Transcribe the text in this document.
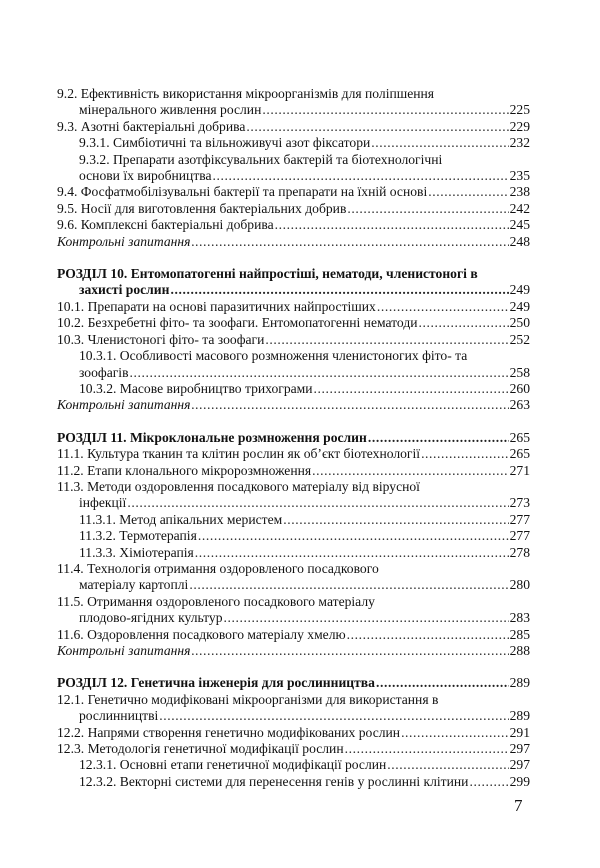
9.2. Ефективність використання мікроорганізмів для поліпшення
мінерального живлення рослин .....	225
9.3. Азотні бактеріальні добрива .....	229
9.3.1. Симбіотичні та вільноживучі азот фіксатори .....	232
9.3.2. Препарати азотфіксувальних бактерій та біотехнологічні
основи їх виробництва .....	235
9.4. Фосфатмобілізувальні бактерії та препарати на їхній основі .....	238
9.5. Носії для виготовлення бактеріальних добрив .....	242
9.6. Комплексні бактеріальні добрива .....	245
Контрольні запитання .....	248
РОЗДІЛ 10. Ентомопатогенні найпростіші, нематоди, членистоногі в
захисті рослин .....	249
10.1. Препарати на основі паразитичних найпростіших .....	249
10.2. Безхребетні фіто- та зоофаги. Ентомопатогенні нематоди .....	250
10.3. Членистоногі фіто- та зоофаги .....	252
10.3.1. Особливості масового розмноження членистоногих фіто- та
зоофагів .....	258
10.3.2. Масове виробництво трихограми .....	260
Контрольні запитання .....	263
РОЗДІЛ 11. Мікроклональне розмноження рослин .....	265
11.1. Культура тканин та клітин рослин як об’єкт біотехнології .....	265
11.2. Етапи клонального мікророзмноження .....	271
11.3. Методи оздоровлення посадкового матеріалу від вірусної
інфекції .....	273
11.3.1. Метод апікальних меристем .....	277
11.3.2. Термотерапія .....	277
11.3.3. Хіміотерапія .....	278
11.4. Технологія отримання оздоровленого посадкового
матеріалу картоплі .....	280
11.5. Отримання оздоровленого посадкового матеріалу
плодово-ягідних культур .....	283
11.6. Оздоровлення посадкового матеріалу хмелю .....	285
Контрольні запитання .....	288
РОЗДІЛ 12. Генетична інженерія для рослинництва .....	289
12.1. Генетично модифіковані мікроорганізми для використання в
рослинництві .....	289
12.2. Напрями створення генетично модифікованих рослин .....	291
12.3. Методологія генетичної модифікації рослин .....	297
12.3.1. Основні етапи генетичної модифікації рослин .....	297
12.3.2. Векторні системи для перенесення генів у рослинні клітини .....	299
7
